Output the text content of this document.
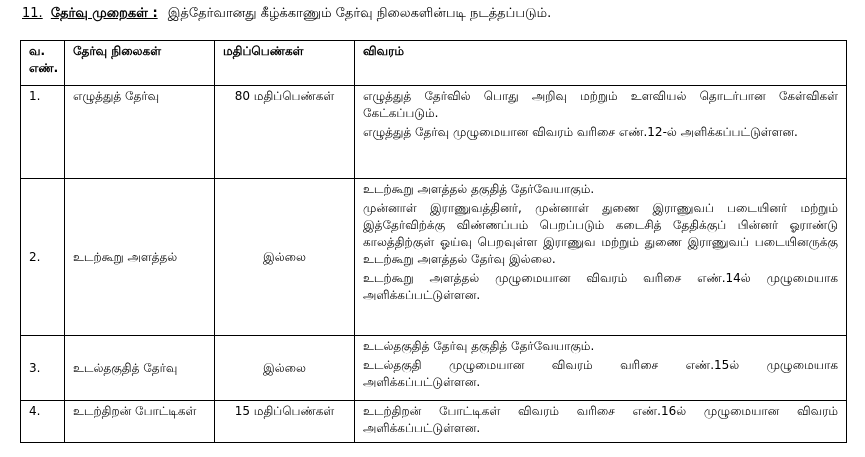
11. தேர்வு முறைகள் : இத்தேர்வானது கீழ்க்காணும் தேர்வு நிலைகளின்படி நடத்தப்படும்.
வ. எண்.	தேர்வு நிலைகள்	மதிப்பெண்கள்	விவரம்
1.	எழுத்துத் தேர்வு	80 மதிப்பெண்கள்	எழுத்துத் தேர்வில் பொது அறிவு மற்றும் உளவியல் தொடர்பான கேள்விகள் கேட்கப்படும்.
எழுத்துத் தேர்வு முழுமையான விவரம் வரிசை எண்.12-ல் அளிக்கப்பட்டுள்ளன.

2.	உடற்கூறு அளத்தல்	இல்லை	உடற்கூறு அளத்தல் தகுதித் தேர்வேயாகும்.
முன்னாள் இராணுவத்தினர், முன்னாள் துணை இராணுவப் படையினர் மற்றும் இத்தேர்விற்க்கு விண்ணப்பம் பெறப்படும் கடைசித் தேதிக்குப் பின்னர் ஓராண்டு காலத்திற்குள் ஓய்வு பெறவுள்ள இராணுவ மற்றும் துணை இராணுவப் படையினருக்கு உடற்கூறு அளத்தல் தேர்வு இல்லை.
உடற்கூறு அளத்தல் முழுமையான விவரம் வரிசை எண்.14ல் முழுமையாக அளிக்கப்பட்டுள்ளன.

3.	உடல்தகுதித் தேர்வு	இல்லை	உடல்தகுதித் தேர்வு தகுதித் தேர்வேயாகும்.
உடல்தகுதி முழுமையான விவரம் வரிசை எண்.15ல் முழுமையாக அளிக்கப்பட்டுள்ளன.

4.	உடற்திறன் போட்டிகள்	15 மதிப்பெண்கள்	உடற்திறன் போட்டிகள் விவரம் வரிசை எண்.16ல் முழுமையான விவரம் அளிக்கப்பட்டுள்ளன.
